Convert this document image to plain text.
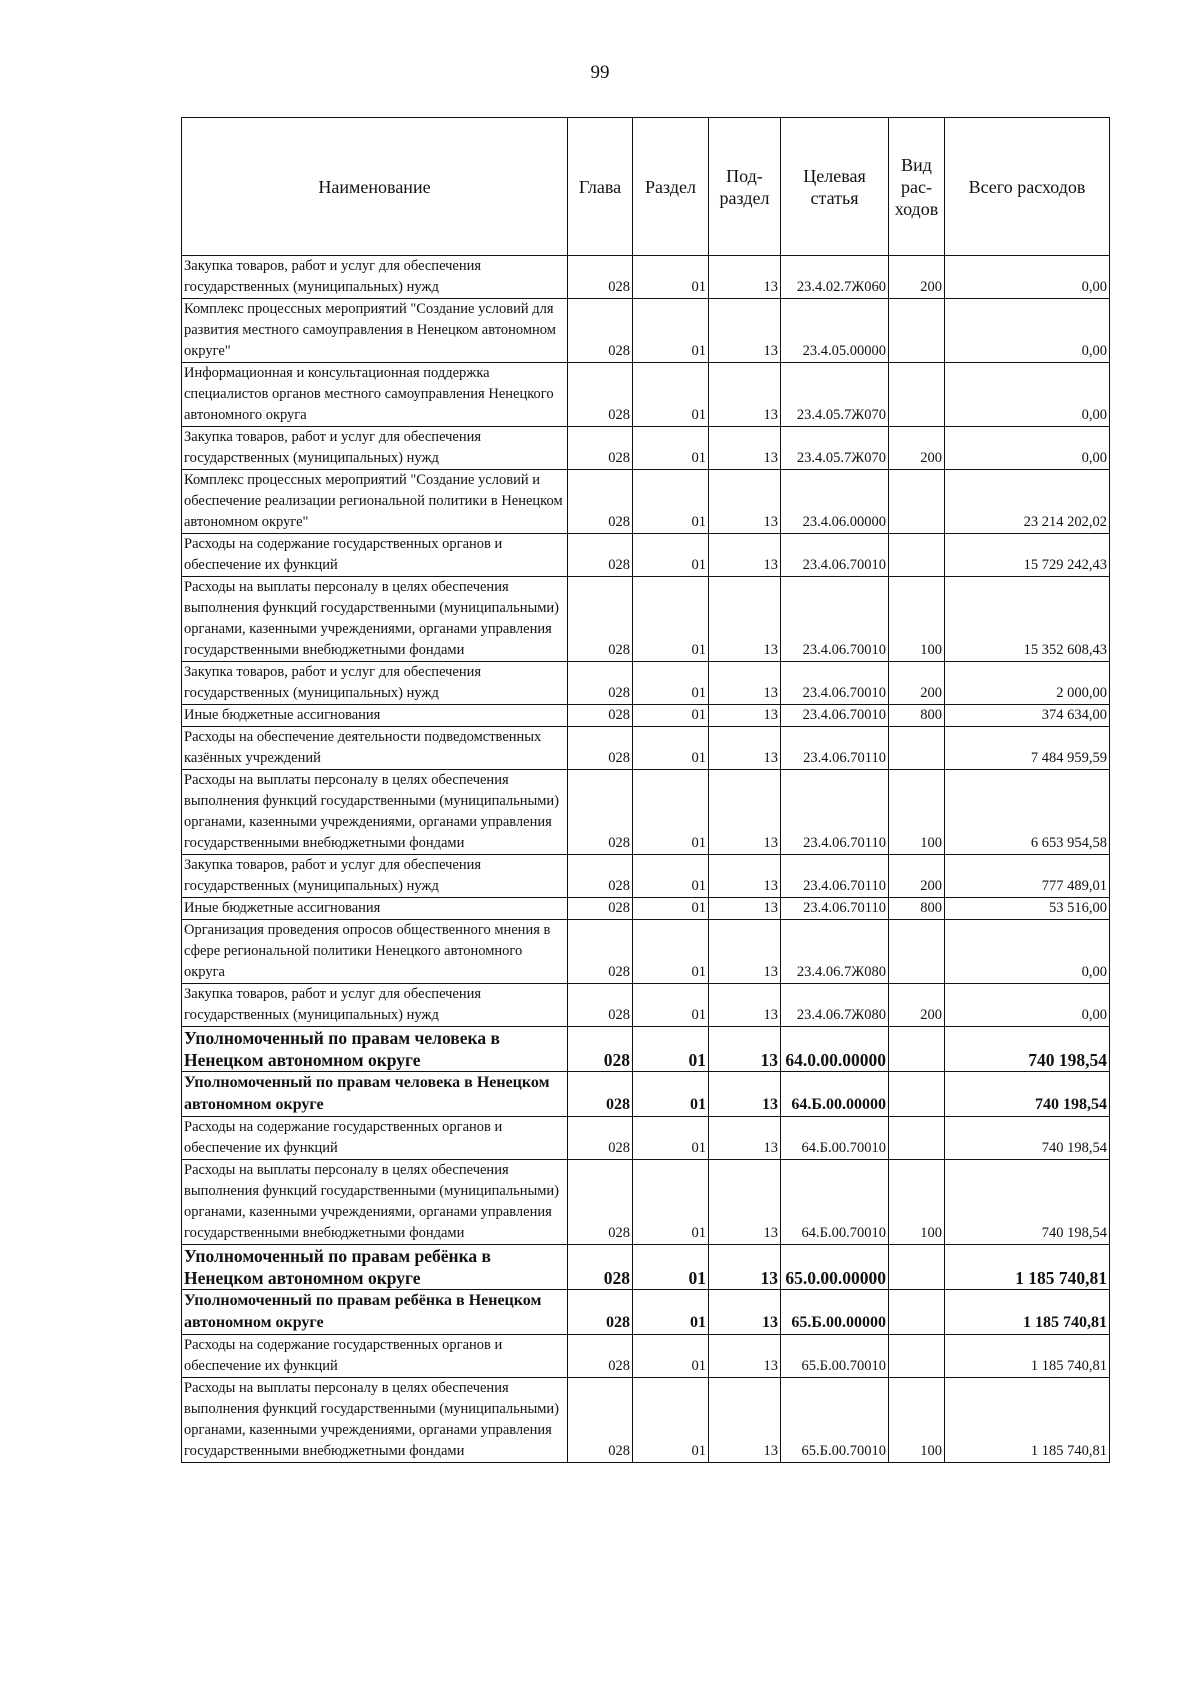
99
Наименование	Глава	Раздел	Под-раздел	Целевая статья	Вид рас-ходов	Всего расходов
Закупка товаров, работ и услуг для обеспечения государственных (муниципальных) нужд	028	01	13	23.4.02.7Ж060	200	0,00
Комплекс процессных мероприятий "Создание условий для развития местного самоуправления в Ненецком автономном округе"	028	01	13	23.4.05.00000		0,00
Информационная и консультационная поддержка специалистов органов местного самоуправления Ненецкого автономного округа	028	01	13	23.4.05.7Ж070		0,00
Закупка товаров, работ и услуг для обеспечения государственных (муниципальных) нужд	028	01	13	23.4.05.7Ж070	200	0,00
Комплекс процессных мероприятий "Создание условий и обеспечение реализации региональной политики в Ненецком автономном округе"	028	01	13	23.4.06.00000		23 214 202,02
Расходы на содержание государственных органов и обеспечение их функций	028	01	13	23.4.06.70010		15 729 242,43
Расходы на выплаты персоналу в целях обеспечения выполнения функций государственными (муниципальными) органами, казенными учреждениями, органами управления государственными внебюджетными фондами	028	01	13	23.4.06.70010	100	15 352 608,43
Закупка товаров, работ и услуг для обеспечения государственных (муниципальных) нужд	028	01	13	23.4.06.70010	200	2 000,00
Иные бюджетные ассигнования	028	01	13	23.4.06.70010	800	374 634,00
Расходы на обеспечение деятельности подведомственных казённых учреждений	028	01	13	23.4.06.70110		7 484 959,59
Расходы на выплаты персоналу в целях обеспечения выполнения функций государственными (муниципальными) органами, казенными учреждениями, органами управления государственными внебюджетными фондами	028	01	13	23.4.06.70110	100	6 653 954,58
Закупка товаров, работ и услуг для обеспечения государственных (муниципальных) нужд	028	01	13	23.4.06.70110	200	777 489,01
Иные бюджетные ассигнования	028	01	13	23.4.06.70110	800	53 516,00
Организация проведения опросов общественного мнения в сфере региональной политики Ненецкого автономного округа	028	01	13	23.4.06.7Ж080		0,00
Закупка товаров, работ и услуг для обеспечения государственных (муниципальных) нужд	028	01	13	23.4.06.7Ж080	200	0,00
Уполномоченный по правам человека в Ненецком автономном округе	028	01	13	64.0.00.00000		740 198,54
Уполномоченный по правам человека в Ненецком автономном округе	028	01	13	64.Б.00.00000		740 198,54
Расходы на содержание государственных органов и обеспечение их функций	028	01	13	64.Б.00.70010		740 198,54
Расходы на выплаты персоналу в целях обеспечения выполнения функций государственными (муниципальными) органами, казенными учреждениями, органами управления государственными внебюджетными фондами	028	01	13	64.Б.00.70010	100	740 198,54
Уполномоченный по правам ребёнка в Ненецком автономном округе	028	01	13	65.0.00.00000		1 185 740,81
Уполномоченный по правам ребёнка в Ненецком автономном округе	028	01	13	65.Б.00.00000		1 185 740,81
Расходы на содержание государственных органов и обеспечение их функций	028	01	13	65.Б.00.70010		1 185 740,81
Расходы на выплаты персоналу в целях обеспечения выполнения функций государственными (муниципальными) органами, казенными учреждениями, органами управления государственными внебюджетными фондами	028	01	13	65.Б.00.70010	100	1 185 740,81
